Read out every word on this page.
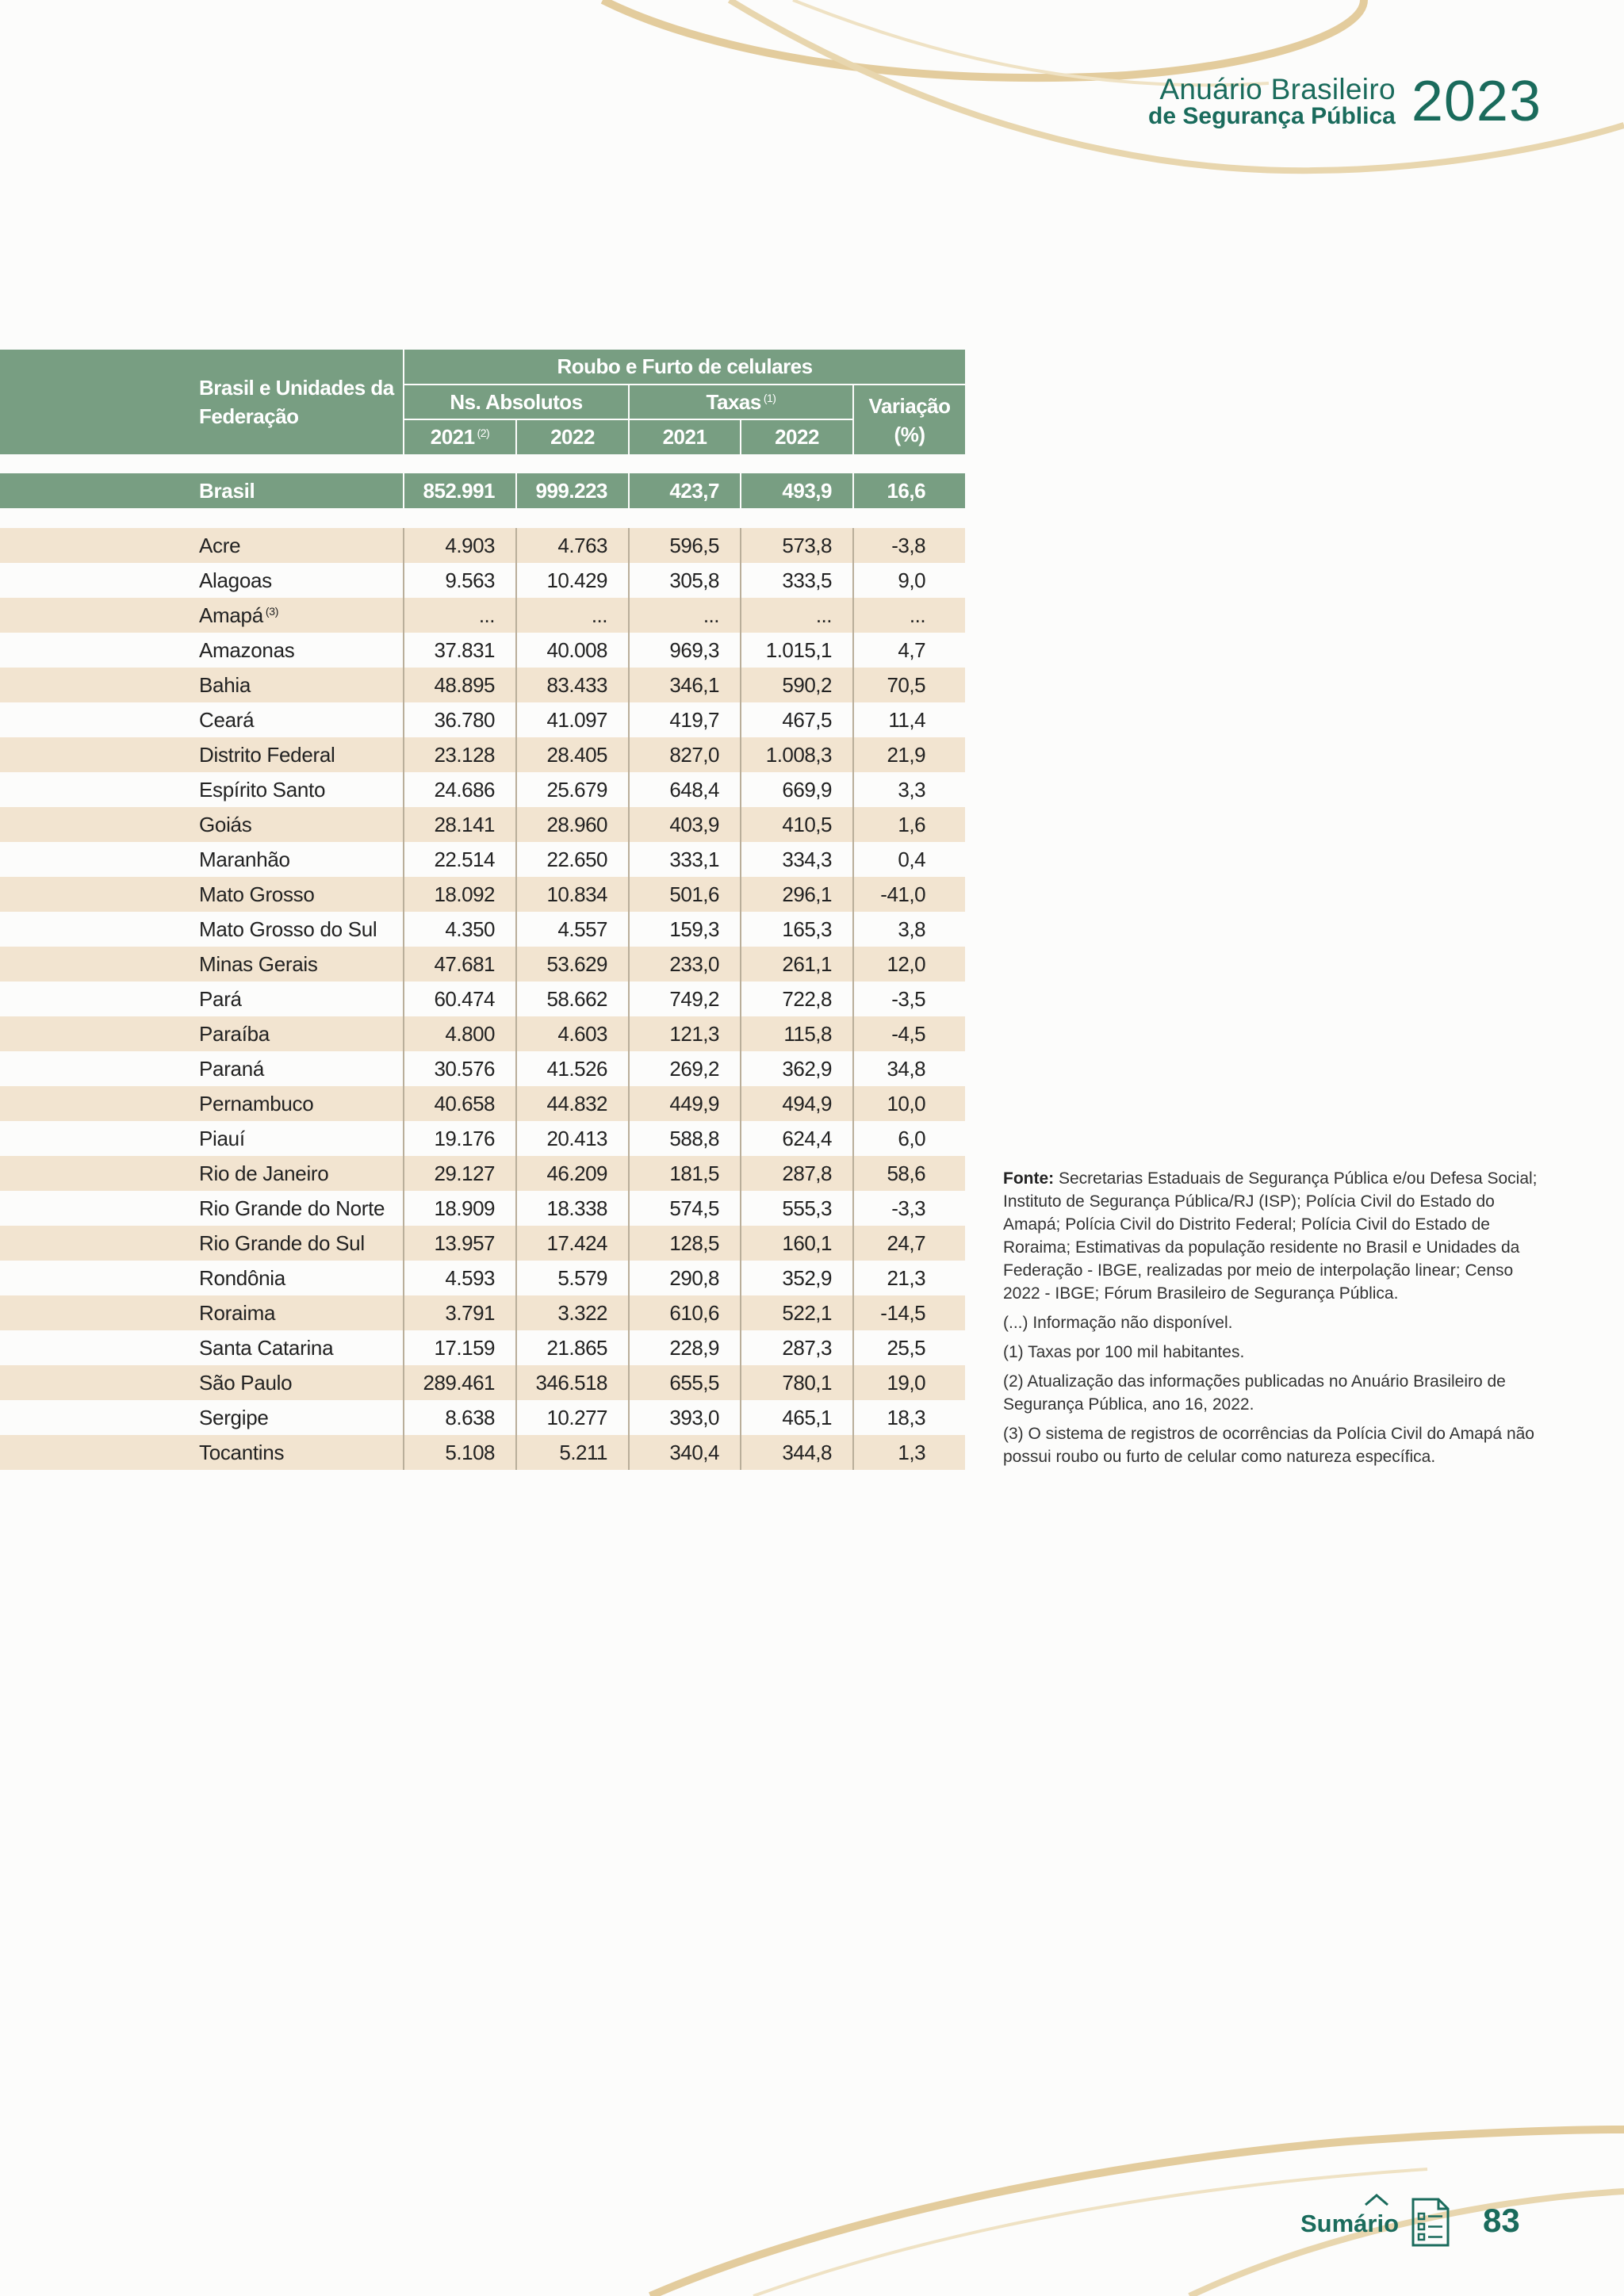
Anuário Brasileiro
de Segurança Pública 2023
Brasil e Unidades da Federação	Roubo e Furto de celulares				
	Ns. Absolutos		Taxas $^{(1)}$		Variação
(%)
	2021 $^{(2)}$	2022	2021	2022	

Brasil	852.991	999.223	423,7	493,9	16,6

Acre	4.903	4.763	596,5	573,8	-3,8
Alagoas	9.563	10.429	305,8	333,5	9,0
Amapá $^{(3)}$	...	...	...	...	...
Amazonas	37.831	40.008	969,3	1.015,1	4,7
Bahia	48.895	83.433	346,1	590,2	70,5
Ceará	36.780	41.097	419,7	467,5	11,4
Distrito Federal	23.128	28.405	827,0	1.008,3	21,9
Espírito Santo	24.686	25.679	648,4	669,9	3,3
Goiás	28.141	28.960	403,9	410,5	1,6
Maranhão	22.514	22.650	333,1	334,3	0,4
Mato Grosso	18.092	10.834	501,6	296,1	-41,0
Mato Grosso do Sul	4.350	4.557	159,3	165,3	3,8
Minas Gerais	47.681	53.629	233,0	261,1	12,0
Pará	60.474	58.662	749,2	722,8	-3,5
Paraíba	4.800	4.603	121,3	115,8	-4,5
Paraná	30.576	41.526	269,2	362,9	34,8
Pernambuco	40.658	44.832	449,9	494,9	10,0
Piauí	19.176	20.413	588,8	624,4	6,0
Rio de Janeiro	29.127	46.209	181,5	287,8	58,6
Rio Grande do Norte	18.909	18.338	574,5	555,3	-3,3
Rio Grande do Sul	13.957	17.424	128,5	160,1	24,7
Rondônia	4.593	5.579	290,8	352,9	21,3
Roraima	3.791	3.322	610,6	522,1	-14,5
Santa Catarina	17.159	21.865	228,9	287,3	25,5
São Paulo	289.461	346.518	655,5	780,1	19,0
Sergipe	8.638	10.277	393,0	465,1	18,3
Tocantins	5.108	5.211	340,4	344,8	1,3

Fonte: Secretarias Estaduais de Segurança Pública e/ou Defesa Social; Instituto de Segurança Pública/RJ (ISP); Polícia Civil do Estado do Amapá; Polícia Civil do Distrito Federal; Polícia Civil do Estado de Roraima; Estimativas da população residente no Brasil e Unidades da Federação - IBGE, realizadas por meio de interpolação linear; Censo 2022 - IBGE; Fórum Brasileiro de Segurança Pública.

(...) Informação não disponível.

(1) Taxas por 100 mil habitantes.

(2) Atualização das informações publicadas no Anuário Brasileiro de Segurança Pública, ano 16, 2022.

(3) O sistema de registros de ocorrências da Polícia Civil do Amapá não possui roubo ou furto de celular como natureza específica.

Sumário	83
